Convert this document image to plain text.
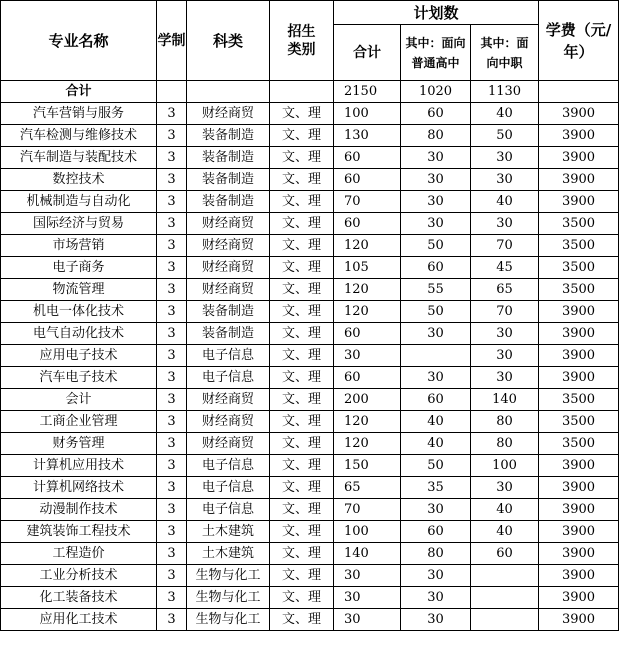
专业名称	学制	科类	招生类别	计划数			学费（元/年）
				合计	其中：面向普通高中	其中：面向中职	
合计				2150	1020	1130	
汽车营销与服务	3	财经商贸	文、理	100	60	40	3900
汽车检测与维修技术	3	装备制造	文、理	130	80	50	3900
汽车制造与装配技术	3	装备制造	文、理	60	30	30	3900
数控技术	3	装备制造	文、理	60	30	30	3900
机械制造与自动化	3	装备制造	文、理	70	30	40	3900
国际经济与贸易	3	财经商贸	文、理	60	30	30	3500
市场营销	3	财经商贸	文、理	120	50	70	3500
电子商务	3	财经商贸	文、理	105	60	45	3500
物流管理	3	财经商贸	文、理	120	55	65	3500
机电一体化技术	3	装备制造	文、理	120	50	70	3900
电气自动化技术	3	装备制造	文、理	60	30	30	3900
应用电子技术	3	电子信息	文、理	30		30	3900
汽车电子技术	3	电子信息	文、理	60	30	30	3900
会计	3	财经商贸	文、理	200	60	140	3500
工商企业管理	3	财经商贸	文、理	120	40	80	3500
财务管理	3	财经商贸	文、理	120	40	80	3500
计算机应用技术	3	电子信息	文、理	150	50	100	3900
计算机网络技术	3	电子信息	文、理	65	35	30	3900
动漫制作技术	3	电子信息	文、理	70	30	40	3900
建筑装饰工程技术	3	土木建筑	文、理	100	60	40	3900
工程造价	3	土木建筑	文、理	140	80	60	3900
工业分析技术	3	生物与化工	文、理	30	30		3900
化工装备技术	3	生物与化工	文、理	30	30		3900
应用化工技术	3	生物与化工	文、理	30	30		3900
